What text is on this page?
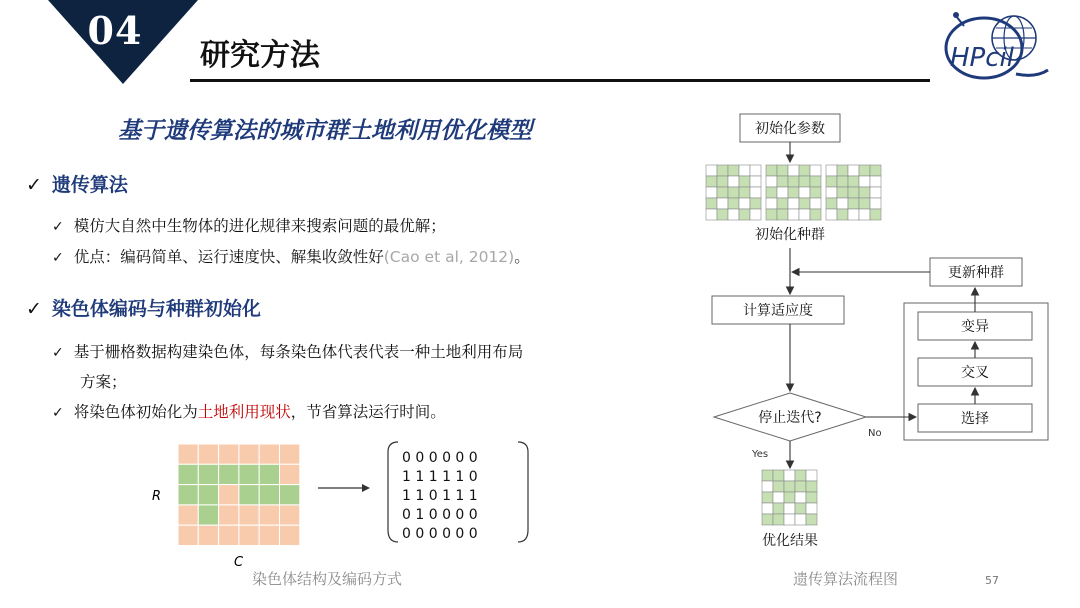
04
研究方法	HPcil
基于遗传算法的城市群土地利用优化模型
✓ 遗传算法
✓ 模仿大自然中生物体的进化规律来搜索问题的最优解；
✓ 优点：编码简单、运行速度快、解集收敛性好(Cao et al, 2012)。
✓ 染色体编码与种群初始化
✓ 基于栅格数据构建染色体，每条染色体代表代表一种土地利用布局
方案；
✓ 将染色体初始化为土地利用现状，节省算法运行时间。
R
C
0 0 0 0 0 0
1 1 1 1 1 0
1 1 0 1 1 1
0 1 0 0 0 0
0 0 0 0 0 0
染色体结构及编码方式
初始化参数
初始化种群
更新种群
计算适应度
变异
交叉
选择
停止迭代?
优化结果
No
Yes
遗传算法流程图	57
